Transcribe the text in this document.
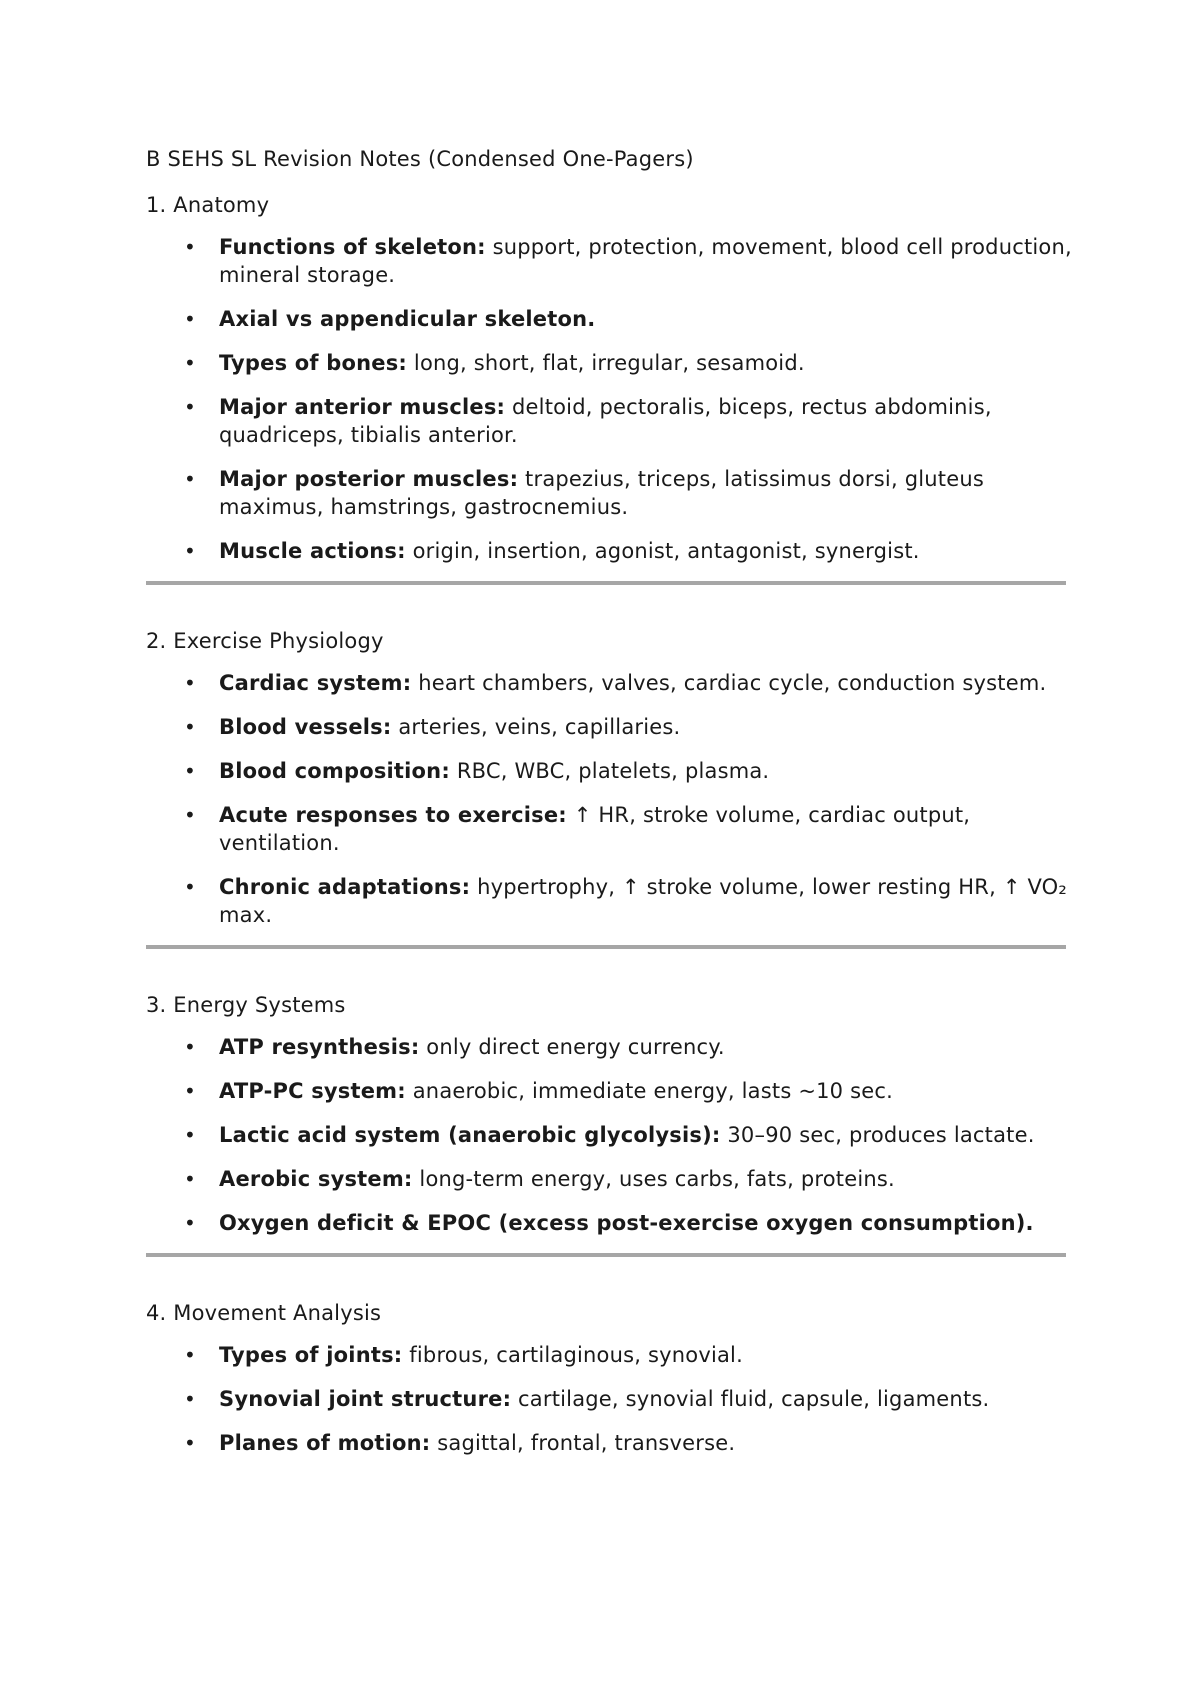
B SEHS SL Revision Notes (Condensed One-Pagers)

1. Anatomy

• Functions of skeleton: support, protection, movement, blood cell production, mineral storage.
• Axial vs appendicular skeleton.
• Types of bones: long, short, flat, irregular, sesamoid.
• Major anterior muscles: deltoid, pectoralis, biceps, rectus abdominis, quadriceps, tibialis anterior.
• Major posterior muscles: trapezius, triceps, latissimus dorsi, gluteus maximus, hamstrings, gastrocnemius.
• Muscle actions: origin, insertion, agonist, antagonist, synergist.

2. Exercise Physiology

• Cardiac system: heart chambers, valves, cardiac cycle, conduction system.
• Blood vessels: arteries, veins, capillaries.
• Blood composition: RBC, WBC, platelets, plasma.
• Acute responses to exercise: ↑ HR, stroke volume, cardiac output, ventilation.
• Chronic adaptations: hypertrophy, ↑ stroke volume, lower resting HR, ↑ VO₂ max.

3. Energy Systems

• ATP resynthesis: only direct energy currency.
• ATP-PC system: anaerobic, immediate energy, lasts ~10 sec.
• Lactic acid system (anaerobic glycolysis): 30–90 sec, produces lactate.
• Aerobic system: long-term energy, uses carbs, fats, proteins.
• Oxygen deficit & EPOC (excess post-exercise oxygen consumption).

4. Movement Analysis

• Types of joints: fibrous, cartilaginous, synovial.
• Synovial joint structure: cartilage, synovial fluid, capsule, ligaments.
• Planes of motion: sagittal, frontal, transverse.
